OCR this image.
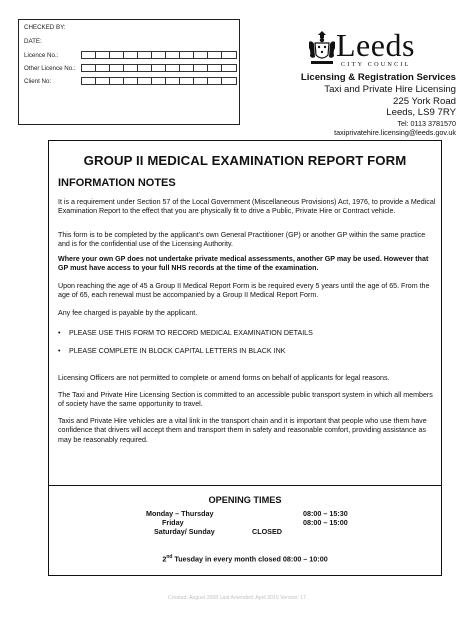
CHECKED BY:
DATE:
Licence No.:
Other Licence No.:
Client No:
Leeds
CITY COUNCIL
Licensing & Registration Services
Taxi and Private Hire Licensing
225 York Road
Leeds, LS9 7RY
Tel: 0113 3781570
taxiprivatehire.licensing@leeds.gov.uk
GROUP II MEDICAL EXAMINATION REPORT FORM
INFORMATION NOTES
It is a requirement under Section 57 of the Local Government (Miscellaneous Provisions) Act, 1976, to provide a Medical Examination Report to the effect that you are physically fit to drive a Public, Private Hire or Contract vehicle.
This form is to be completed by the applicant’s own General Practitioner (GP) or another GP within the same practice and is for the confidential use of the Licensing Authority.
Where your own GP does not undertake private medical assessments, another GP may be used. However that GP must have access to your full NHS records at the time of the examination.
Upon reaching the age of 45 a Group II Medical Report Form is be required every 5 years until the age of 65. From the age of 65, each renewal must be accompanied by a Group II Medical Report Form.
Any fee charged is payable by the applicant.
•	PLEASE USE THIS FORM TO RECORD MEDICAL EXAMINATION DETAILS
•	PLEASE COMPLETE IN BLOCK CAPITAL LETTERS IN BLACK INK
Licensing Officers are not permitted to complete or amend forms on behalf of applicants for legal reasons.
The Taxi and Private Hire Licensing Section is committed to an accessible public transport system in which all members of society have the same opportunity to travel.
Taxis and Private Hire vehicles are a vital link in the transport chain and it is important that people who use them have confidence that drivers will accept them and transport them in safety and reasonable comfort, providing assistance as may be reasonably required.
OPENING TIMES
Monday – Thursday	08:00 – 15:30
Friday	08:00 – 15:00
Saturday/ Sunday	CLOSED
2nd Tuesday in every month closed 08:00 – 10:00
Created: August 2008 Last Amended: April 2015 Version: 17
